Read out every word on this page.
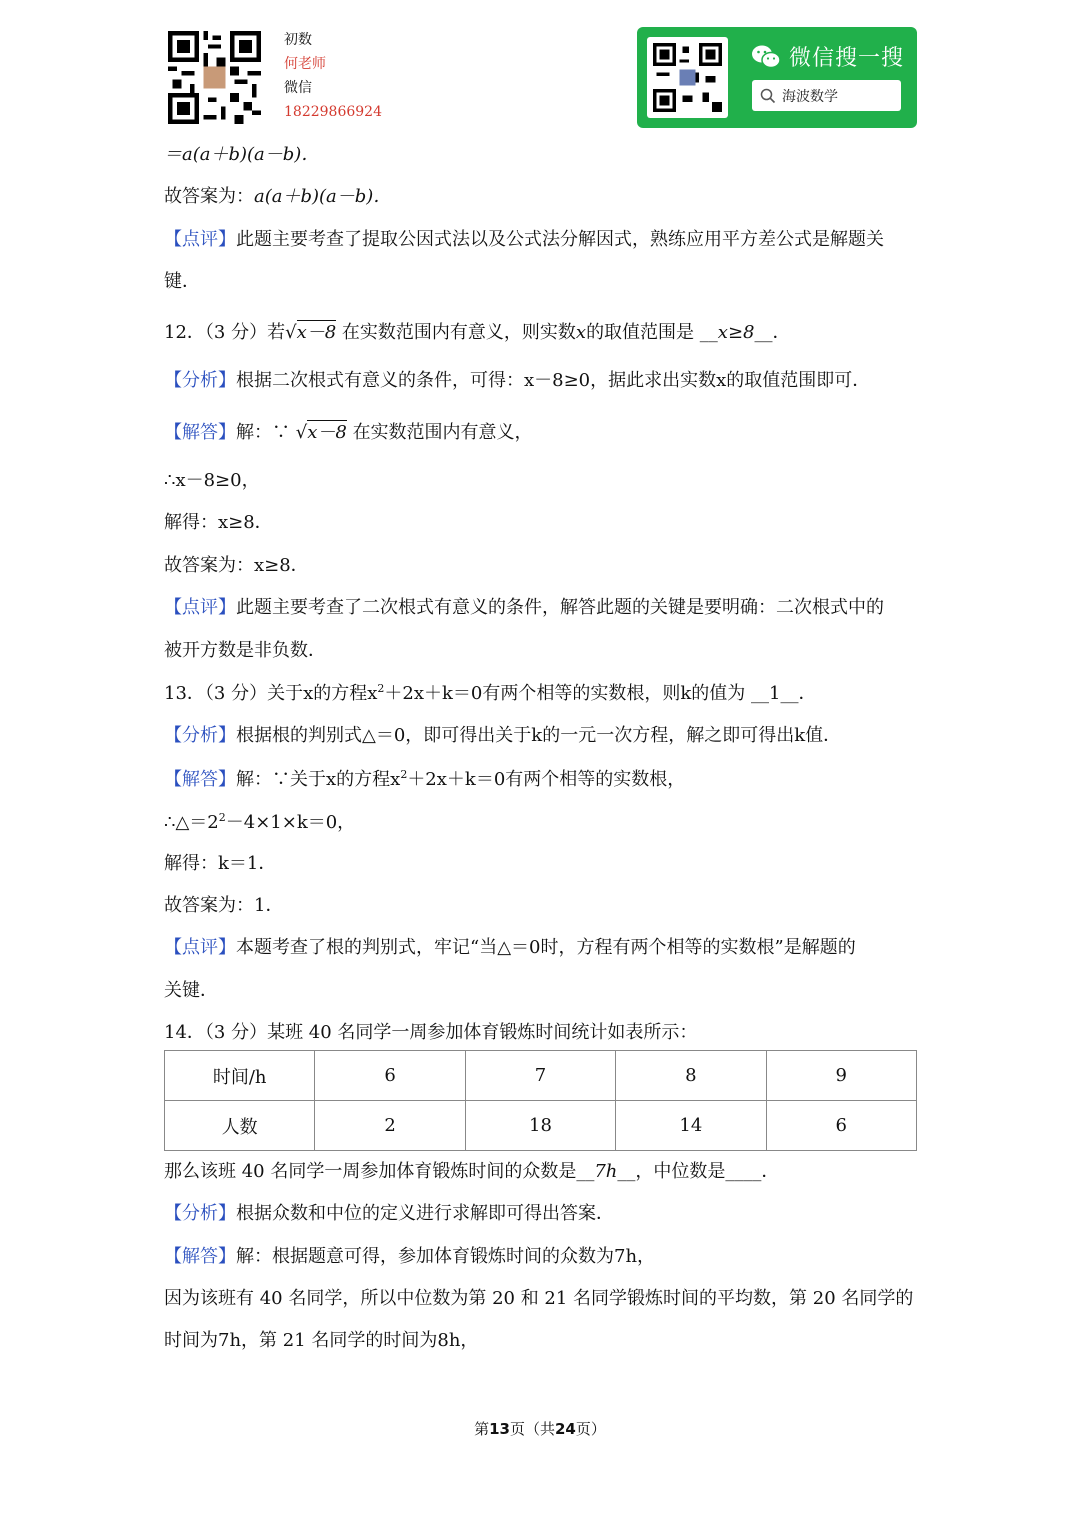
初数
何老师
微信
18229866924
微信搜一搜
海波数学
＝a(a＋b)(a－b)．
故答案为：a(a＋b)(a－b)．
【点评】此题主要考查了提取公因式法以及公式法分解因式，熟练应用平方差公式是解题关
键．
12．（3 分）若√x－8 在实数范围内有意义，则实数x的取值范围是 __x≥8__．
【分析】根据二次根式有意义的条件，可得：x－8≥0，据此求出实数x的取值范围即可．
【解答】解：∵ √x－8 在实数范围内有意义，
∴x－8≥0，
解得：x≥8．
故答案为：x≥8．
【点评】此题主要考查了二次根式有意义的条件，解答此题的关键是要明确：二次根式中的
被开方数是非负数．
13．（3 分）关于x的方程$x^2+2x+k=0$有两个相等的实数根，则k的值为 __1__．
【分析】根据根的判别式△＝0，即可得出关于k的一元一次方程，解之即可得出k值．
【解答】解：∵关于x的方程$x^2+2x+k=0$有两个相等的实数根，
$\therefore\triangle=2^2-4\times 1\times k=0$，
解得：k＝1．
故答案为：1．
【点评】本题考查了根的判别式，牢记“当△＝0时，方程有两个相等的实数根”是解题的
关键．
14．（3 分）某班 40 名同学一周参加体育锻炼时间统计如表所示：
那么该班 40 名同学一周参加体育锻炼时间的众数是__7h__，中位数是____．
【分析】根据众数和中位的定义进行求解即可得出答案．
【解答】解：根据题意可得，参加体育锻炼时间的众数为7h，
因为该班有 40 名同学，所以中位数为第 20 和 21 名同学锻炼时间的平均数，第 20 名同学的
时间为7h，第 21 名同学的时间为8h，
时间/h	6	7	8	9
人数	2	18	14	6
第13页（共24页）
